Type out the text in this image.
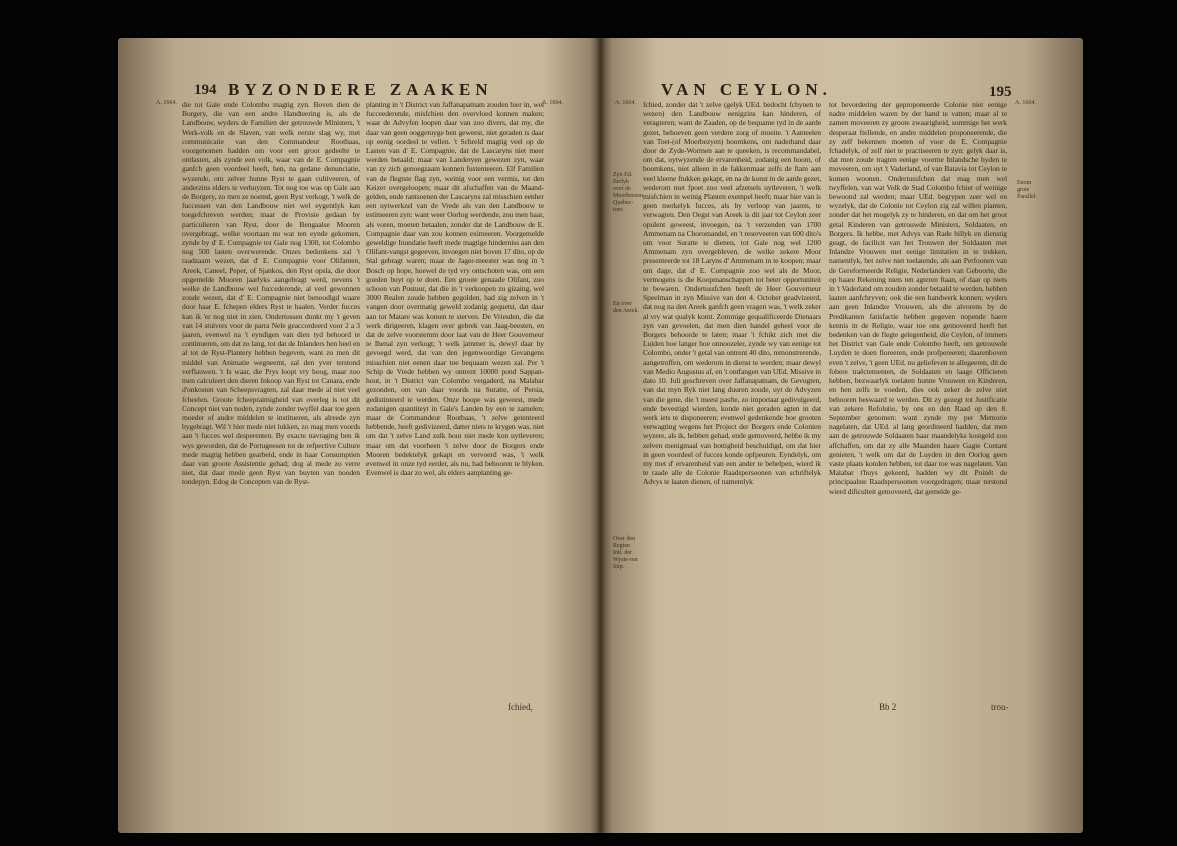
194 BYZONDERE ZAAKEN
A. 1664.	A. 1664.

die tot Gale ende Colombo magtig zyn. Boven dien de Borgery, die van een andre Handteering is, als de Landbouw, wyders de Familien der getrouwde Ministers, 't Werk-volk en de Slaven, van welk eerste slag wy, met communicatie van den Commandeur Rootbaas, voorgenomen hadden om voor een groot gedeelte te ontlasten, als zynde een volk, waar van de E. Compagnie ganfch geen voordeel heeft, hen, na gedane denunciatie, wyzende, om zelver hunne Ryst te gaan cultiveeren, of anderzins elders te verhuyzen. Tot nog toe was op Gale aan de Borgery, zo men ze noemd, geen Ryst verkogt, 't welk de fuccessen van den Landbouw niet wel eygentlyk kan toegefchreven werden; maar de Provisie gedaan by particulieren van Ryst, door de Bengaalse Mooren overgebragt, welke voortaan nu wat ten eynde gekomen, zynde by d' E. Compagnie tot Gale nog 1300, tot Colombo nog 500 lasten overwerende. Onzes bedunkens zal 't raadzaam wezen, dat d' E. Compagnie voor Olifanten, Areek, Caneel, Peper, of Sjankos, den Ryst opsla, die door opgemelde Mooren jaarlyks aangebragt werd, nevens 't welke de Landbouw wel fuccederende, al veel gewonnen zoude wezen, dat d' E. Compagnie niet benoodigd waare door haar E. fchepen elders Ryst te haalen. Verder fucces kan ik 'er nog niet in zien. Ondertussen dunkt my 't geven van 14 stuivers voor de parra Nele geaccordeerd voor 2 a 3 jaaren, evenwel na 't eyndigen van dien tyd behoord te continueren, om dat zo lang, tot dat de Inlanders hen heel en al tot de Ryst-Plantery hebben begeven, want zo men dit middel van Animatie wegneemt, zal den yver terstond verflauwen. 't Is waar, die Prys loopt vry hoog, maar zoo men calculeert den dieren Inkoop van Ryst tot Canara, ende d'onkosten van Scheepsvragten, zal daar mede al niet veel fcheelen. Groote fcheepraimigheid van overleg is tot dit Concept niet van noden, zynde zonder twyffel daar toe geen moeder of andre middelen te institueren, als alreede zyn bygebragt. Wil 't hier mede niet lukken, zo mag men voords aan 't fucces wel desperenten. By exacte navraging ben ik wys geworden, dat de Portugeesen tot de refpective Culture mede magtig hebben gearbeid, ende in haar Consumptien daar van groote Assistentie gehad; dog al mede zo verre niet, dat daar mede geen Ryst van buyten van nooden tondepyn. Edog de Concepten van de Ryst-

planting in 't District van Jaffanapatnam zouden hier in, wel fucceederende, misfchien den overvloed konnen maken; waar de Advyfen loopen daar van zoo divers, dat my, die daar van geen ooggetuyge ben geweest, niet geraden is daar op eenig oordeel te vellen. 't Schreld magtig veel op de Lasten van d' E. Compagnie, dat de Lascaryns niet meer werden betaald; maar van Landeryen gewezen zyn, waar van zy zich genoegzaam konnen fustenteeren. Elf Familien van de flegtste flag zyn, weinig voor een vermis, tot den Keizer overgeloopen; maar dit afschaffen van de Maand-gelden, ende rantsoenen der Lascaryns zal misschien eenher een uytwerkzel van de Vrede als van den Landbouw te estimeeren zyn: want weer Oorlog werdende, zou men haar, als voren, moeten betaalen, zonder dat de Landbouw de E. Compagnie daar van zou konnen eximeeren. Voorgemelde geweldige Inundatie heeft mede magtige hinderniss aan den Olifant-vangst gegeeven, invoegen niet boven 17 dito, op de Stal gebragt waren; maar de Jager-meester was nog in 't Bosch op hope, hoewel de tyd vry ontschoten was, om een goeden buyt op te doen. Een groote genaade Olifant, zoo schoon van Postuur, dat die in 't verkoopen zu gizaing, wel 3000 Realen zoude hebben gegolden, had zig zelven in 't vangen door overmatig geweld zodanig gequetst, dat daar aan tot Matare was komen te sterven. De Vriesden, die dat werk dirigeeren, klagen over gebrek van Jaag-beesten, en dat de zelve voorstemm door laat van de Heer Gouverneur te Ihenal zyn verkogt; 't welk jammer is, dewyl daar by gevoegd werd, dat van den jegenwoordige Gevangens misschien niet eenen daar toe bequaam wezen zal. Per 't Schip de Vrede hebben wy ontrent 10000 pond Sappan-hout, in 't District van Colombo vergaderd, na Malabar gezonden, om van daar voords na Suratte, of Persia, gedistinteerd te werden. Onze hoope was geweest, mede zodanigen quantiteyt in Gale's Landen by een te zamelen; maar de Commandeur Rootbaas, 't zelve getenteerd hebbende, heeft gedivizeerd, datter niets te krygen was, niet om dat 't zelve Land zulk hout niet mede kon uytleveren; maar om dat voorheen 't zelve door de Borgers ende Mooren bedektelyk gekapt en vervoerd was, 't welk evenwel in onze tyd eerder, als nu, had behooren te blyken. Evenwel is daar zo wel, als elders aanplanting ge-

fchied,
VAN CEYLON.	195
A. 1664.	A. 1664.
Zyn Ed. Eerlyk over de Moorbeezen. Quebec-toer.
En over den Areek.
Over den Regten Intl. der Wyste-ren Stip.
Enom grote Parallel.

fchied, zonder dat 't zelve (gelyk UEd. bedocht fchynen te wezen) den Landbouw eenigzins kan hinderen, of veragteren; want de Zaaden, op de bequame tyd in de aarde gezet, behoeven geen verdere zorg of moeite. 't Aanteelen van Toet-(of Moerbezyen) boomkens, om naderhand daar door de Zyde-Wormen aan te queeken, is recommandabel, om dat, uytwyzende de ervarenheid, zodanig een boom, of boomkens, niet alleen in de fakkenmaar zelfs de ftam aan veel kleene ftukken gekapt, en na de konst in de aarde gezet, wederom met fpoet zoo veel afzetsels uytleveren, 't welk misfchien in weinig Planten exempel heeft; maar hier van is geen merkelyk fucces, als by verloop van jaaren, te verwagten. Den Oegst van Areek is dit jaar tot Ceylon zeer opulent geweest, invoegen, na 't verzenden van 1700 Ammenam na Choromandel, en 't reserveeren van 600 dito's om voor Suratte te dienen, tot Gale nog wel 1200 Ammenam zyn overgebleven, de welke zekere Moor presenteerde tot 18 Laryns d' Ammenam in te koopen; maar om dage, dat d' E. Compagnie zoo wel als de Moor, vermogens is die Koopmanschappen tot beter opportuniteit te bewaren. Ondertussfchen heeft de Heer Gouverneur Speelman in zyn Missive van den 4. October geadvizeerd, dat nog na den Areek ganfch geen vragen was, 't welk zeker al vry wat qualyk komt. Zommige gequalificeerde Dienaars zyn van gevoelen, dat men dien handel geheel voor de Borgers behoorde te laten; maar 't fchikt zich met die Luiden hoe langer hoe onnoozeler, zynde wy van eenige tot Colombo, onder 't getal van ontrent 40 dito, remonstrerende, aangetroffen, om wederom in dienst te werden; maar dewyl van Medio Augustus af, en 't ontfangen van UEd. Missive in dato 10. Juli geschreven over Jaffanapatnam, de Gevugten, van dat myn Ryk niet lang duuren zoude, uyt de Advyzen van die gene, die 't meest pasfte, zo importaat gedivulgeerd, ende bevestigd wierden, konde niet geraden agten in dat werk iets te disponeeren; evenwel gedenkende hoe grooten verwagting wegens het Project der Borgers ende Colonien wyzere, als ik, hebben gehad, ende gemoveerd, hebbe ik my zelven menigmaal van bottigheid beschuldigd, om dat hier in geen voordeel of fucces konde opfpeuren. Eyndelyk, om my met d' ervarenheid van een ander te behelpen, wierd ik te raade alle de Colonie Raadspersoonen van schriftelyk Advys te laaten dienen, of namentlyk

tot bevordering der geproponeerde Colonie niet eenige nadre middelen waren by der hand te vatten; maar al te zamen moveeren zy groote zwaarigheid, sommige het werk desperaat ftellende, en andre middelen proponeerende, die zy zelf bekennen moeten of voor de E. Compagnie fchadelyk, of zelf niet te practiseeren te zyn: gelyk daar is, dat men zoude tragten eenige voorme Inlandsche hyden te moveeren, om uyt 't Vaderland, of van Batavia tot Ceylon te komen woonen. Ondertussfchen dat mag men wel twyffelen, van wat Volk de Stad Colombo fchier of weinige bewoond zal werden; maar UEd. begrypen zeer wel en wyzelyk, dat de Colonie tot Ceylon zig zal willen planten, zonder dat het mogelyk zy te hinderen, en dat om het groot getal Kinderen van getrouwde Ministers, Soldaaten, en Borgers. Ik hebbe, met Advys van Rade billyk en dienstig geagt, de facilicit van het Trouwen der Soldaaten met Inlandze Vrouwen met eenige limitatien in te trekken, namentlyk, het zelve niet toelatende, als aan Perfoonen van de Gereformeerde Religie, Nederlanders van Geboorte, die op haare Rekening niets ten agteren ftaan, of daar op niets in 't Vaderland om zouden zonder betaald te werden, hebben laaten aanfchryven; ook die een handwerk konnen; wyders aan geen Inlandze Vrouwen, als die alvorens by de Predikanten fatisfactie hebben gegeven nopende haere kennis in de Religie, waar toe ons gemoveerd heeft het bedenken van de flegte gelegenheid, die Ceylon, of immers het District van Gale ende Colombo heeft, om getrouwde Luyden te doen floreeren, ende profpereeren; daarenboven even 't zelve, 't geen UEd. nu geliefeven te allegeeren, dit de fobere traêctementen, de Soldaaten en laage Officieren hebben, bezwaarlyk toelaten hunne Vrouwen en Kinderen, en hen zelfs te voeden, dies ook zeker de zelve niet behooren beswaard te werden. Dit zy gezegt tot Justificatie van zekere Refolutie, by ons en den Raad op den 8. September genomen: want zynde my per Memorie nagelaten, dat UEd. al lang geordineerd hadden, dat men aan de getrouwde Soldaaten haar maandelyks kostgeld zou affchaffen, om dat zy alle Maanden haare Gagie Contant genieten, 't welk om dat de Luyden in den Oorlog geen vaste plaats konden hebben, tot daar toe was nagelaten. Van Malabar t'huys gekeerd, hadden wy dit Poinêt de principaalste Raadspersoonen voorgedragen; maar terstond wierd dificulteit gemoveerd, dat gemelde ge-

Bb 2	trou-
